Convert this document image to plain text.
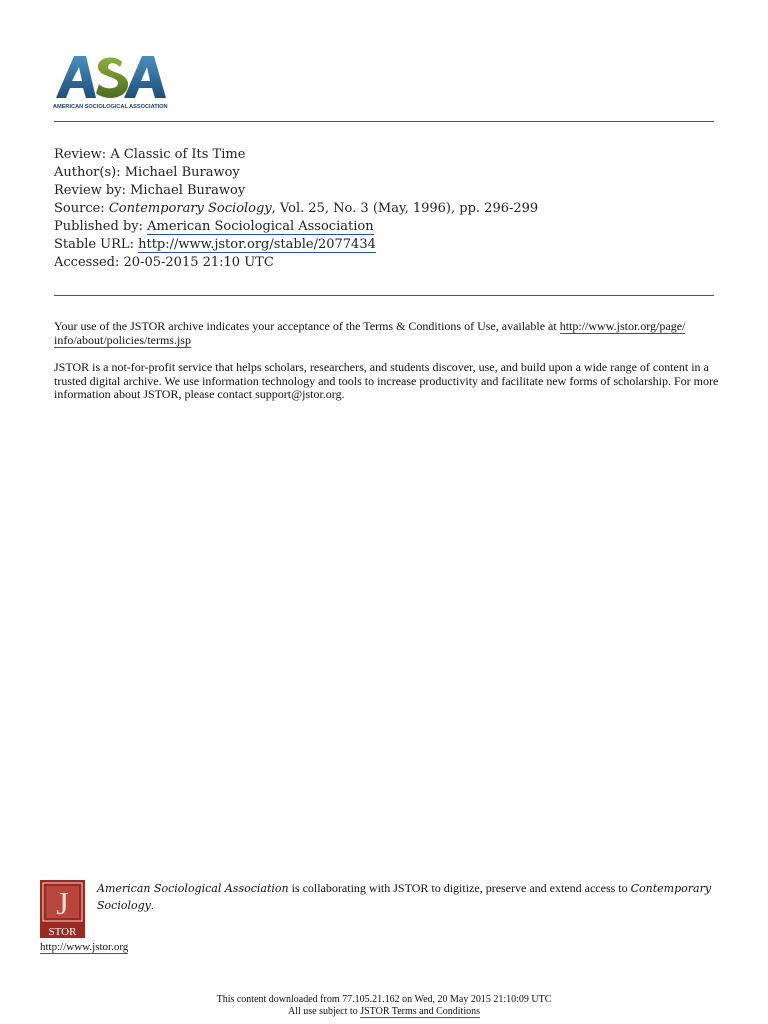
AMERICAN SOCIOLOGICAL ASSOCIATION
Review: A Classic of Its Time
Author(s): Michael Burawoy
Review by: Michael Burawoy
Source: Contemporary Sociology, Vol. 25, No. 3 (May, 1996), pp. 296-299
Published by: American Sociological Association
Stable URL: http://www.jstor.org/stable/2077434
Accessed: 20-05-2015 21:10 UTC
Your use of the JSTOR archive indicates your acceptance of the Terms & Conditions of Use, available at http://www.jstor.org/page/
info/about/policies/terms.jsp
JSTOR is a not-for-profit service that helps scholars, researchers, and students discover, use, and build upon a wide range of content in a trusted digital archive. We use information technology and tools to increase productivity and facilitate new forms of scholarship. For more information about JSTOR, please contact support@jstor.org.
J
STOR
http://www.jstor.org
American Sociological Association is collaborating with JSTOR to digitize, preserve and extend access to Contemporary Sociology.
This content downloaded from 77.105.21.162 on Wed, 20 May 2015 21:10:09 UTC
All use subject to JSTOR Terms and Conditions
